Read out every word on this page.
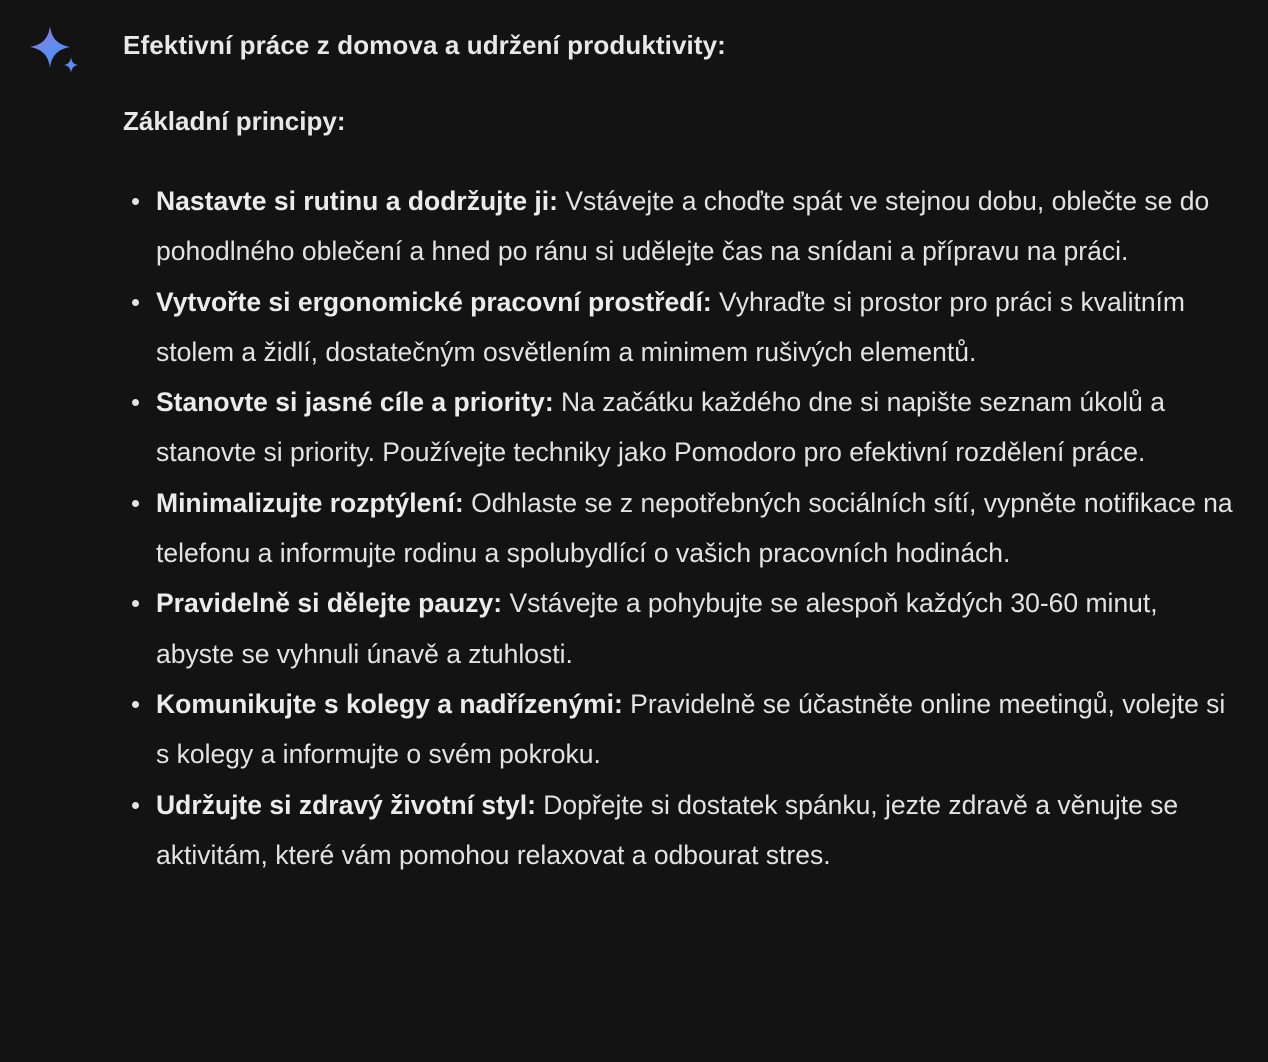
Efektivní práce z domova a udržení produktivity:
Základní principy:
Nastavte si rutinu a dodržujte ji: Vstávejte a choďte spát ve stejnou dobu, oblečte se do pohodlného oblečení a hned po ránu si udělejte čas na snídani a přípravu na práci.
Vytvořte si ergonomické pracovní prostředí: Vyhraďte si prostor pro práci s kvalitním stolem a židlí, dostatečným osvětlením a minimem rušivých elementů.
Stanovte si jasné cíle a priority: Na začátku každého dne si napište seznam úkolů a stanovte si priority. Používejte techniky jako Pomodoro pro efektivní rozdělení práce.
Minimalizujte rozptýlení: Odhlaste se z nepotřebných sociálních sítí, vypněte notifikace na telefonu a informujte rodinu a spolubydlící o vašich pracovních hodinách.
Pravidelně si dělejte pauzy: Vstávejte a pohybujte se alespoň každých 30-60 minut, abyste se vyhnuli únavě a ztuhlosti.
Komunikujte s kolegy a nadřízenými: Pravidelně se účastněte online meetingů, volejte si s kolegy a informujte o svém pokroku.
Udržujte si zdravý životní styl: Dopřejte si dostatek spánku, jezte zdravě a věnujte se aktivitám, které vám pomohou relaxovat a odbourat stres.
